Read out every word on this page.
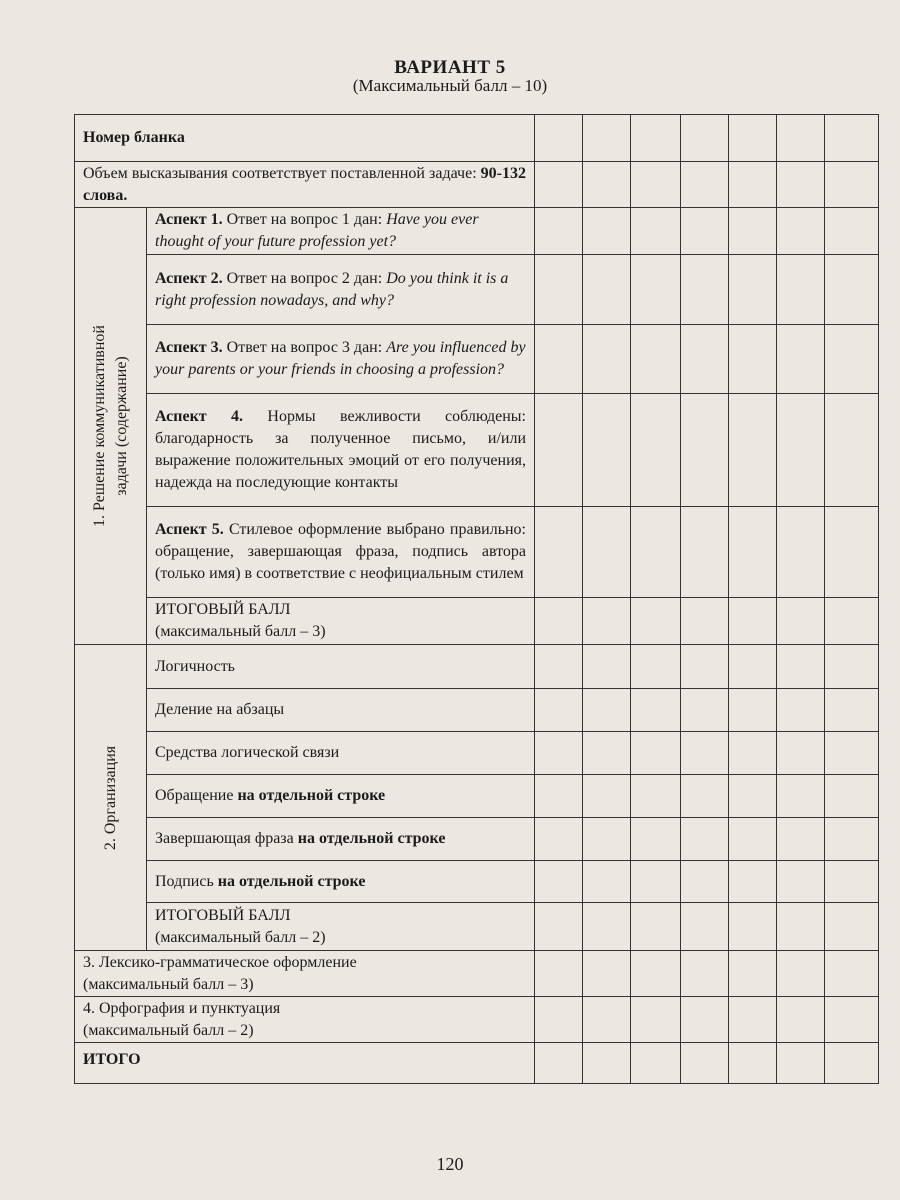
ВАРИАНТ 5
(Максимальный балл – 10)
Номер бланка								
Объем высказывания соответствует поставленной задаче: 90-132 слова.								

1. Решение коммуникативной задачи (содержание)	Аспект 1. Ответ на вопрос 1 дан: Have you ever thought of your future profession yet?							
	Аспект 2. Ответ на вопрос 2 дан: Do you think it is a right profession nowadays, and why?							
	Аспект 3. Ответ на вопрос 3 дан: Are you influenced by your parents or your friends in choosing a profession?							
	Аспект 4. Нормы вежливости соблюдены: благодарность за полученное письмо, и/или выражение положительных эмоций от его получения, надежда на последующие контакты							
	Аспект 5. Стилевое оформление выбрано правильно: обращение, завершающая фраза, подпись автора (только имя) в соответствие с неофициальным стилем							

	ИТОГОВЫЙ БАЛЛ
(максимальный балл – 3)							

2. Организация	Логичность							
	Деление на абзацы							
	Средства логической связи							
	Обращение на отдельной строке							
	Завершающая фраза на отдельной строке							
	Подпись на отдельной строке							

	ИТОГОВЫЙ БАЛЛ
(максимальный балл – 2)							

3. Лексико-грамматическое оформление
(максимальный балл – 3)								

4. Орфография и пунктуация
(максимальный балл – 2)								

ИТОГО								
120
